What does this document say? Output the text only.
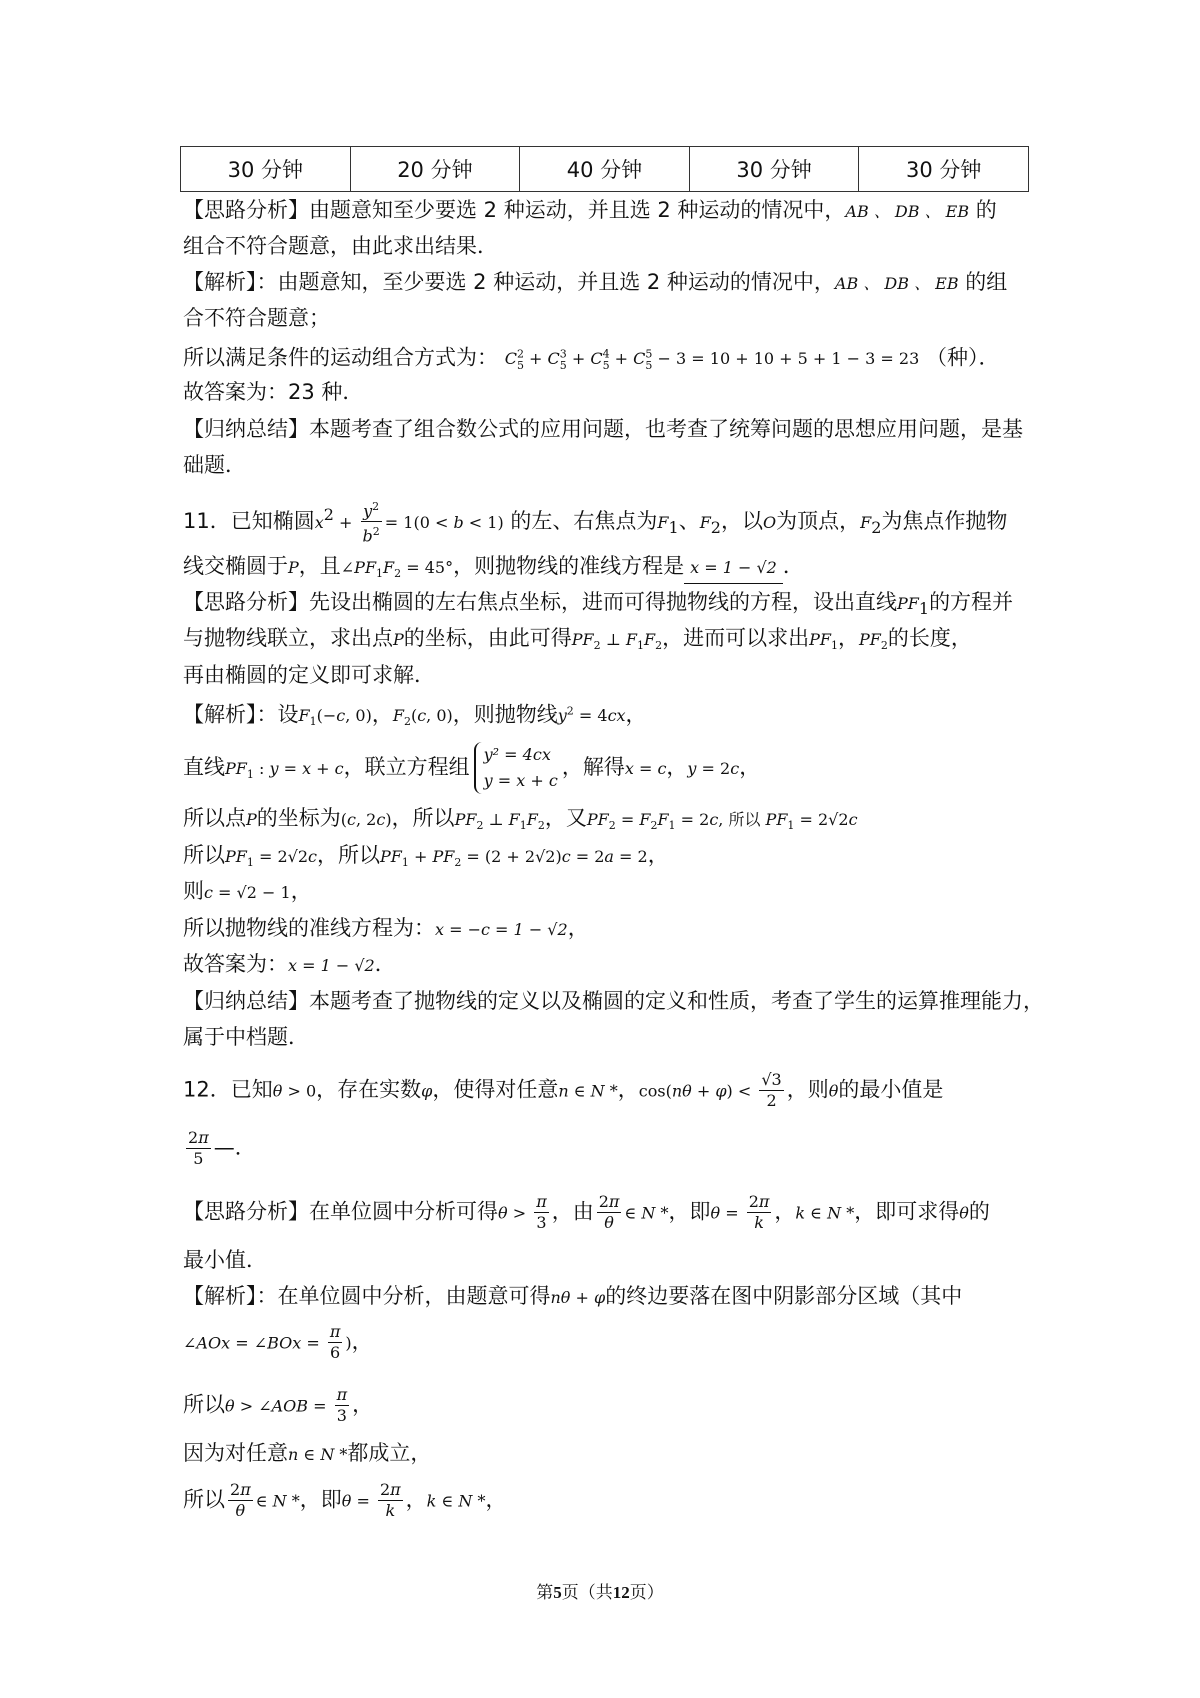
30 分钟	20 分钟	40 分钟	30 分钟	30 分钟
【思路分析】由题意知至少要选 2 种运动，并且选 2 种运动的情况中，AB 、 DB 、 EB 的
组合不符合题意，由此求出结果．
【解析】：由题意知，至少要选 2 种运动，并且选 2 种运动的情况中，AB 、 DB 、 EB 的组
合不符合题意；
所以满足条件的运动组合方式为： $C^2_5 + C^3_5 + C^4_5 + C^5_5 - 3 = 10 + 10 + 5 + 1 - 3 = 23$ （种）．
故答案为：23 种．
【归纳总结】本题考查了组合数公式的应用问题，也考查了统筹问题的思想应用问题，是基
础题．
11．已知椭圆$x^2 + \frac{y^2}{b^2} = 1(0 < b < 1)$ 的左、右焦点为$F_1$、$F_2$，以O为顶点，$F_2$为焦点作抛物
线交椭圆于P，且$\angle PF_1F_2 = 45^\circ$，则抛物线的准线方程是 x = 1 − √2 ．
【思路分析】先设出椭圆的左右焦点坐标，进而可得抛物线的方程，设出直线$PF_1$的方程并
与抛物线联立，求出点P的坐标，由此可得$PF_2$ ⊥ $F_1F_2$，进而可以求出$PF_1$，$PF_2$的长度，
再由椭圆的定义即可求解．
【解析】：设$F_1(-c$, 0)，$F_2(c$, 0)，则抛物线$y^2 = 4cx$，
直线$PF_1$ : y = x + c，联立方程组
y² = 4cx
y = x + c
，解得x = c，y = 2c，
所以点P的坐标为(c, 2c)，所以$PF_2$ ⊥ $F_1F_2$，又$PF_2 = F_2F_1 = 2c$, 所以 $PF_1 = 2√2c$
所以$PF_1 = 2√2c$，所以$PF_1 + PF_2 = (2 + 2√2)c = 2a = 2$，
则c = √2 − 1，
所以抛物线的准线方程为：x = −c = 1 − √2，
故答案为：x = 1 − √2．
【归纳总结】本题考查了抛物线的定义以及椭圆的定义和性质，考查了学生的运算推理能力，
属于中档题．
12．已知θ > 0，存在实数φ，使得对任意n ∈ N *，$\cos(n\theta + \varphi) < \frac{√3}{2}$ ，则θ的最小值是
$\frac{2\pi}{5}$ —．
【思路分析】在单位圆中分析可得$\theta > \frac{\pi}{3}$ ，由 $\frac{2\pi}{\theta}$ ∈ N *，即$\theta = \frac{2\pi}{k}$ ，k ∈ N *，即可求得θ的
最小值．
【解析】：在单位圆中分析，由题意可得nθ + φ的终边要落在图中阴影部分区域（其中
∠AOx = ∠BOx = $\frac{\pi}{6}$ )，
所以θ > ∠AOB = $\frac{\pi}{3}$ ，
因为对任意n ∈ N *都成立，
所以 $\frac{2\pi}{\theta}$ ∈ N *，即$\theta = \frac{2\pi}{k}$ ，k ∈ N *，
第5页（共12页）
